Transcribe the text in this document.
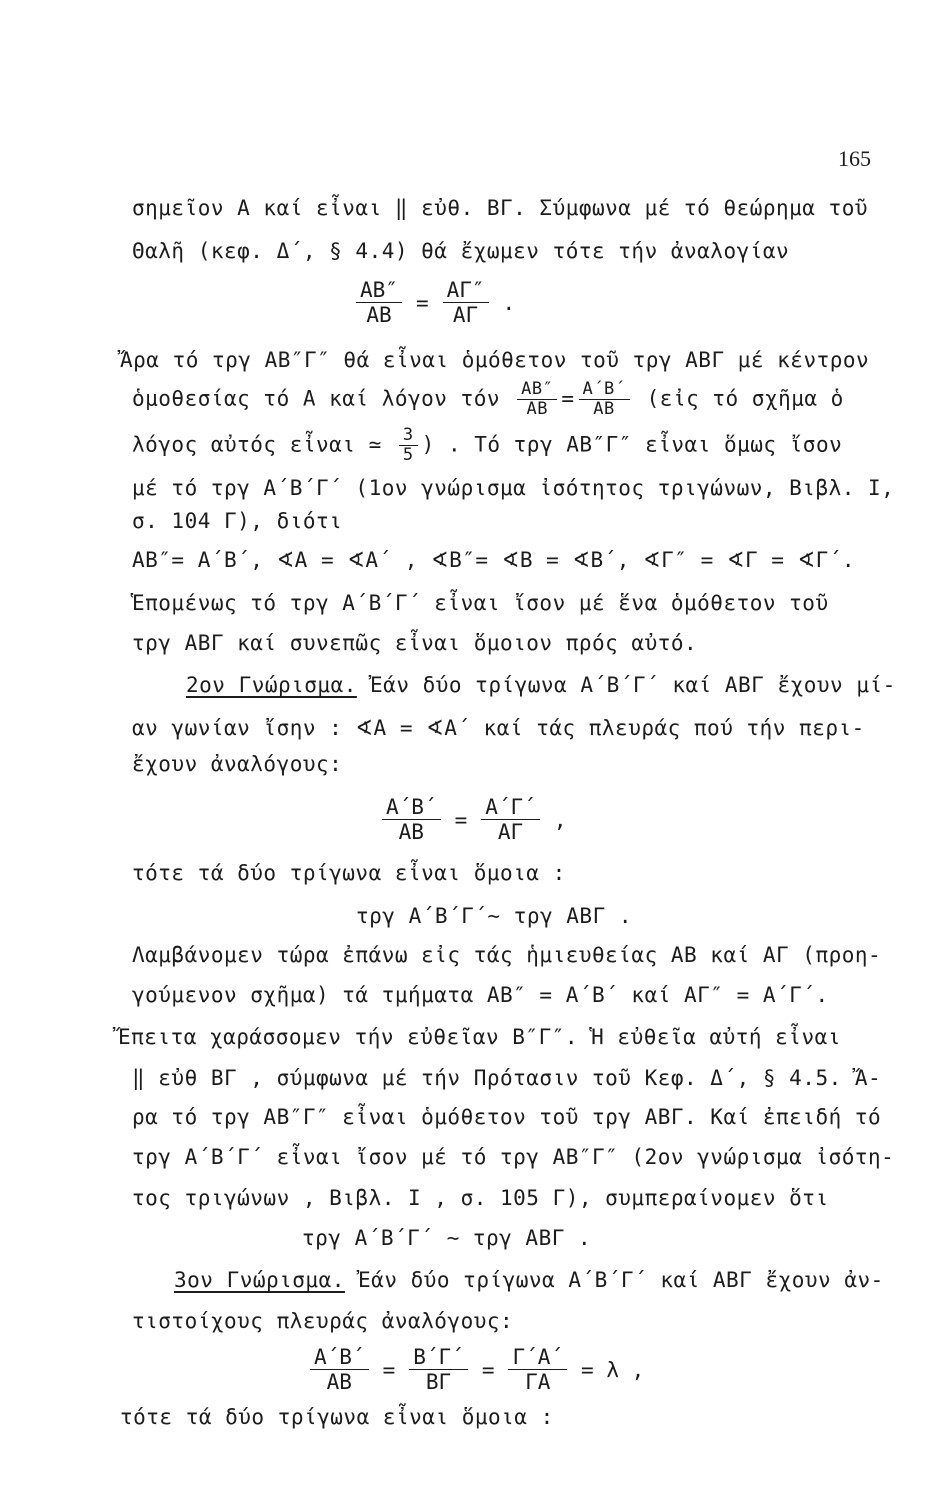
165
σημεῖον Α καί εἶναι ‖ εὐθ. ΒΓ. Σύμφωνα μέ τό θεώρημα τοῦ
Θαλῆ (κεφ. Δ΄, § 4.4) θά ἔχωμεν τότε τήν ἀναλογίαν
$\frac{AB''}{AB} = \frac{A\Gamma''}{A\Gamma}$ .
Ἄρα τό τργ ΑΒ″Γ″ θά εἶναι ὁμόθετον τοῦ τργ ΑΒΓ μέ κέντρον
ὁμοθεσίας τό Α καί λόγον τόν $\frac{AB''}{AB} = \frac{A΄B΄}{AB}$ (εἰς τό σχῆμα ὁ
λόγος αὐτός εἶναι ≃ $\frac{3}{5}$ ) . Τό τργ ΑΒ″Γ″ εἶναι ὅμως ἴσον
μέ τό τργ Α΄Β΄Γ΄ (1ον γνώρισμα ἰσότητος τριγώνων, Βιβλ. Ι,
σ. 104 Γ), διότι
ΑΒ″= Α΄Β΄, ∢Α = ∢Α΄ , ∢Β″= ∢Β = ∢Β΄, ∢Γ″ = ∢Γ = ∢Γ΄.
Ἑπομένως τό τργ Α΄Β΄Γ΄ εἶναι ἴσον μέ ἕνα ὁμόθετον τοῦ
τργ ΑΒΓ καί συνεπῶς εἶναι ὅμοιον πρός αὐτό.
2ον Γνώρισμα. Ἐάν δύο τρίγωνα Α΄Β΄Γ΄ καί ΑΒΓ ἔχουν μί-
αν γωνίαν ἴσην : ∢Α = ∢Α΄ καί τάς πλευράς πού τήν περι-
ἔχουν ἀναλόγους:
$\frac{A΄B΄}{AB} = \frac{A΄\Gamma΄}{A\Gamma}$ ,
τότε τά δύο τρίγωνα εἶναι ὅμοια :
τργ Α΄Β΄Γ΄∼ τργ ΑΒΓ .
Λαμβάνομεν τώρα ἐπάνω εἰς τάς ἡμιευθείας ΑΒ καί ΑΓ (προη-
γούμενον σχῆμα) τά τμήματα ΑΒ″ = Α΄Β΄ καί ΑΓ″ = Α΄Γ΄.
Ἔπειτα χαράσσομεν τήν εὐθεῖαν Β″Γ″. Ἡ εὐθεῖα αὐτή εἶναι
‖ εὐθ ΒΓ , σύμφωνα μέ τήν Πρότασιν τοῦ Κεφ. Δ΄, § 4.5. Ἄ-
ρα τό τργ ΑΒ″Γ″ εἶναι ὁμόθετον τοῦ τργ ΑΒΓ. Καί ἐπειδή τό
τργ Α΄Β΄Γ΄ εἶναι ἴσον μέ τό τργ ΑΒ″Γ″ (2ον γνώρισμα ἰσότη-
τος τριγώνων , Βιβλ. Ι , σ. 105 Γ), συμπεραίνομεν ὅτι
τργ Α΄Β΄Γ΄ ∼ τργ ΑΒΓ .
3ον Γνώρισμα. Ἐάν δύο τρίγωνα Α΄Β΄Γ΄ καί ΑΒΓ ἔχουν ἀν-
τιστοίχους πλευράς ἀναλόγους:
$\frac{A΄B΄}{AB} = \frac{B΄\Gamma΄}{B\Gamma} = \frac{\Gamma΄A΄}{\Gamma A} = \lambda$ ,
τότε τά δύο τρίγωνα εἶναι ὅμοια :
